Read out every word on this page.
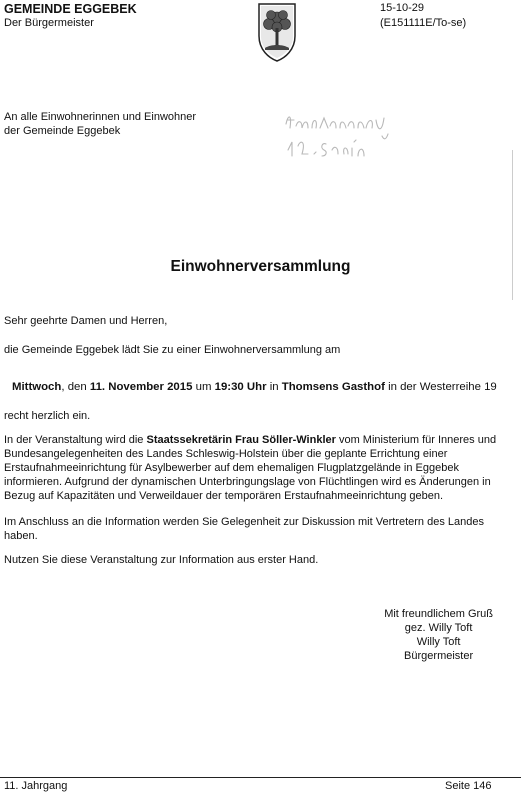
GEMEINDE EGGEBEK
Der Bürgermeister
15-10-29
(E151111E/To-se)
An alle Einwohnerinnen und Einwohner
der Gemeinde Eggebek
Einwohnerversammlung
Sehr geehrte Damen und Herren,
die Gemeinde Eggebek lädt Sie zu einer Einwohnerversammlung am
Mittwoch, den 11. November 2015 um 19:30 Uhr in Thomsens Gasthof in der Westerreihe 19
recht herzlich ein.
In der Veranstaltung wird die Staatssekretärin Frau Söller-Winkler vom Ministerium für Inneres und Bundesangelegenheiten des Landes Schleswig-Holstein über die geplante Errichtung einer Erstaufnahmeeinrichtung für Asylbewerber auf dem ehemaligen Flugplatzgelände in Eggebek informieren. Aufgrund der dynamischen Unterbringungslage von Flüchtlingen wird es Änderungen in Bezug auf Kapazitäten und Verweildauer der temporären Erstaufnahmeeinrichtung geben.
Im Anschluss an die Information werden Sie Gelegenheit zur Diskussion mit Vertretern des Landes haben.
Nutzen Sie diese Veranstaltung zur Information aus erster Hand.
Mit freundlichem Gruß
gez. Willy Toft
Willy Toft
Bürgermeister
11. Jahrgang	Seite 146
